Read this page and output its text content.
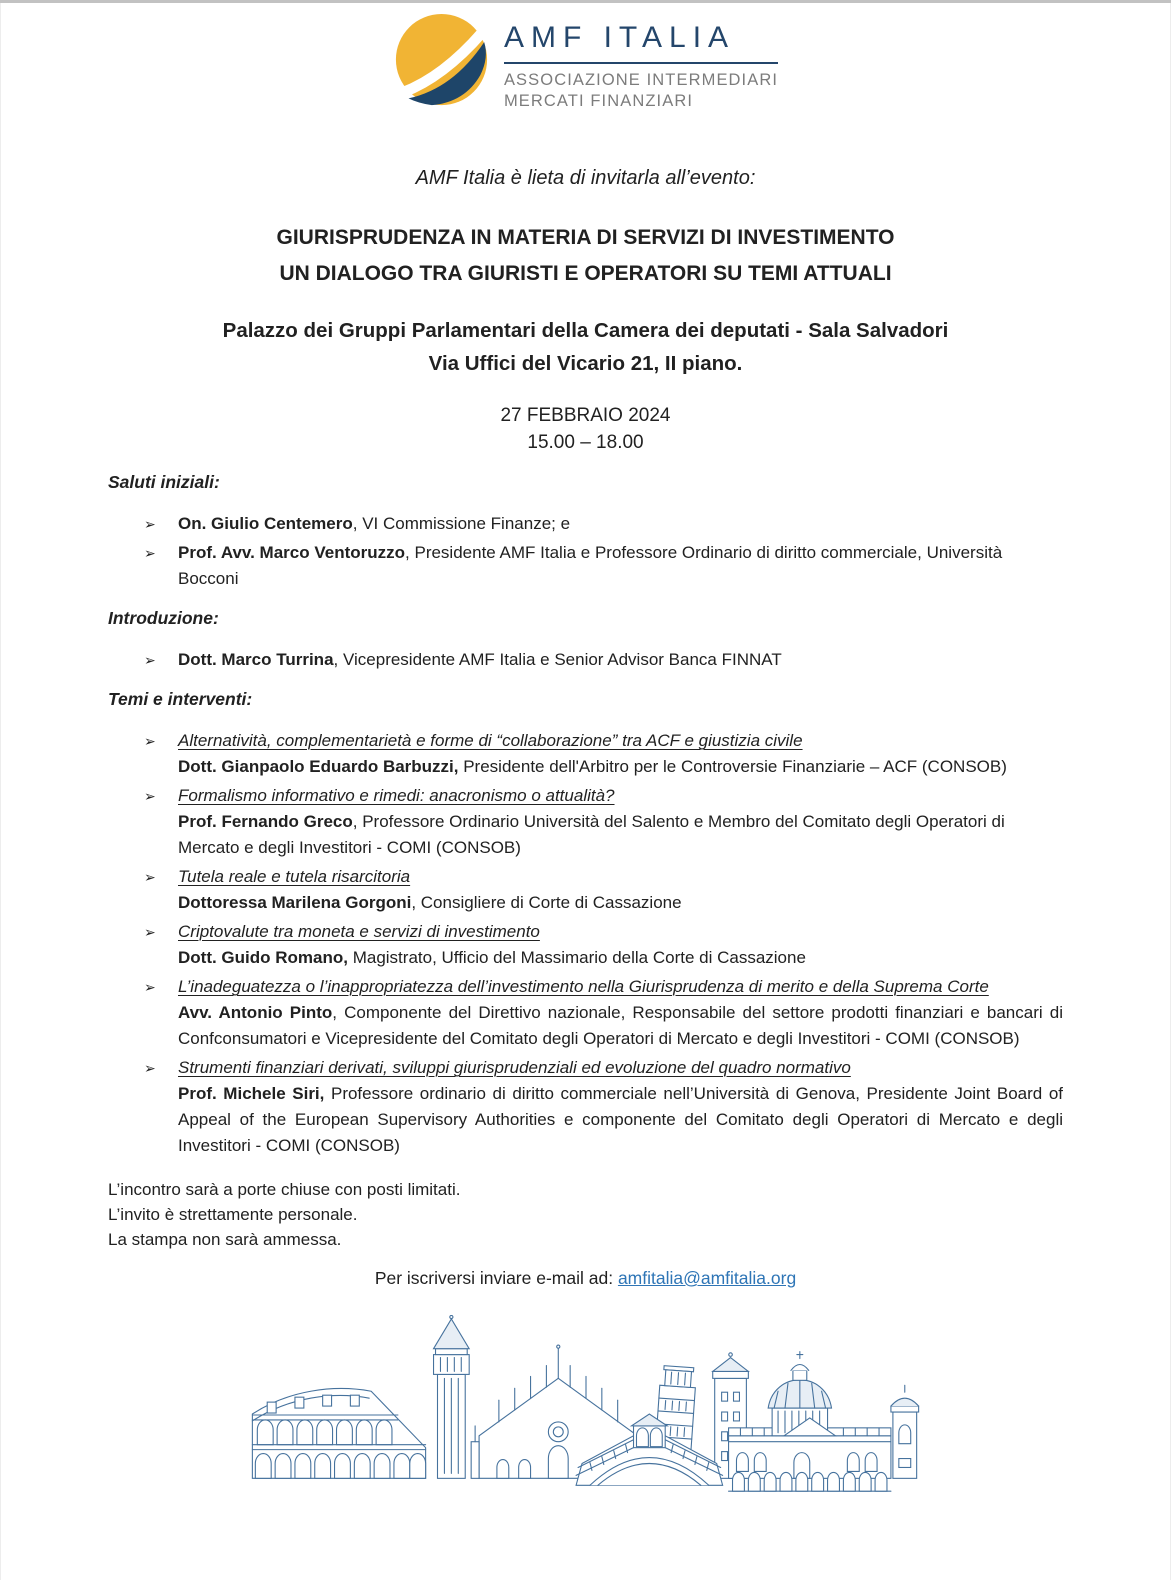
AMF ITALIA
ASSOCIAZIONE INTERMEDIARI
MERCATI FINANZIARI
AMF Italia è lieta di invitarla all’evento:
GIURISPRUDENZA IN MATERIA DI SERVIZI DI INVESTIMENTO
UN DIALOGO TRA GIURISTI E OPERATORI SU TEMI ATTUALI
Palazzo dei Gruppi Parlamentari della Camera dei deputati - Sala Salvadori
Via Uffici del Vicario 21, II piano.
27 FEBBRAIO 2024
15.00 – 18.00
Saluti iniziali:
➢ On. Giulio Centemero, VI Commissione Finanze; e
➢ Prof. Avv. Marco Ventoruzzo, Presidente AMF Italia e Professore Ordinario di diritto commerciale, Università Bocconi
Introduzione:
➢ Dott. Marco Turrina, Vicepresidente AMF Italia e Senior Advisor Banca FINNAT
Temi e interventi:
➢ Alternatività, complementarietà e forme di “collaborazione” tra ACF e giustizia civile
Dott. Gianpaolo Eduardo Barbuzzi, Presidente dell'Arbitro per le Controversie Finanziarie – ACF (CONSOB)
➢ Formalismo informativo e rimedi: anacronismo o attualità?
Prof. Fernando Greco, Professore Ordinario Università del Salento e Membro del Comitato degli Operatori di Mercato e degli Investitori - COMI (CONSOB)
➢ Tutela reale e tutela risarcitoria
Dottoressa Marilena Gorgoni, Consigliere di Corte di Cassazione
➢ Criptovalute tra moneta e servizi di investimento
Dott. Guido Romano, Magistrato, Ufficio del Massimario della Corte di Cassazione
➢ L’inadeguatezza o l’inappropriatezza dell’investimento nella Giurisprudenza di merito e della Suprema Corte
Avv. Antonio Pinto, Componente del Direttivo nazionale, Responsabile del settore prodotti finanziari e bancari di Confconsumatori e Vicepresidente del Comitato degli Operatori di Mercato e degli Investitori - COMI (CONSOB)
➢ Strumenti finanziari derivati, sviluppi giurisprudenziali ed evoluzione del quadro normativo
Prof. Michele Siri, Professore ordinario di diritto commerciale nell’Università di Genova, Presidente Joint Board of Appeal of the European Supervisory Authorities e componente del Comitato degli Operatori di Mercato e degli Investitori - COMI (CONSOB)
L’incontro sarà a porte chiuse con posti limitati.
L’invito è strettamente personale.
La stampa non sarà ammessa.
Per iscriversi inviare e-mail ad: amfitalia@amfitalia.org
